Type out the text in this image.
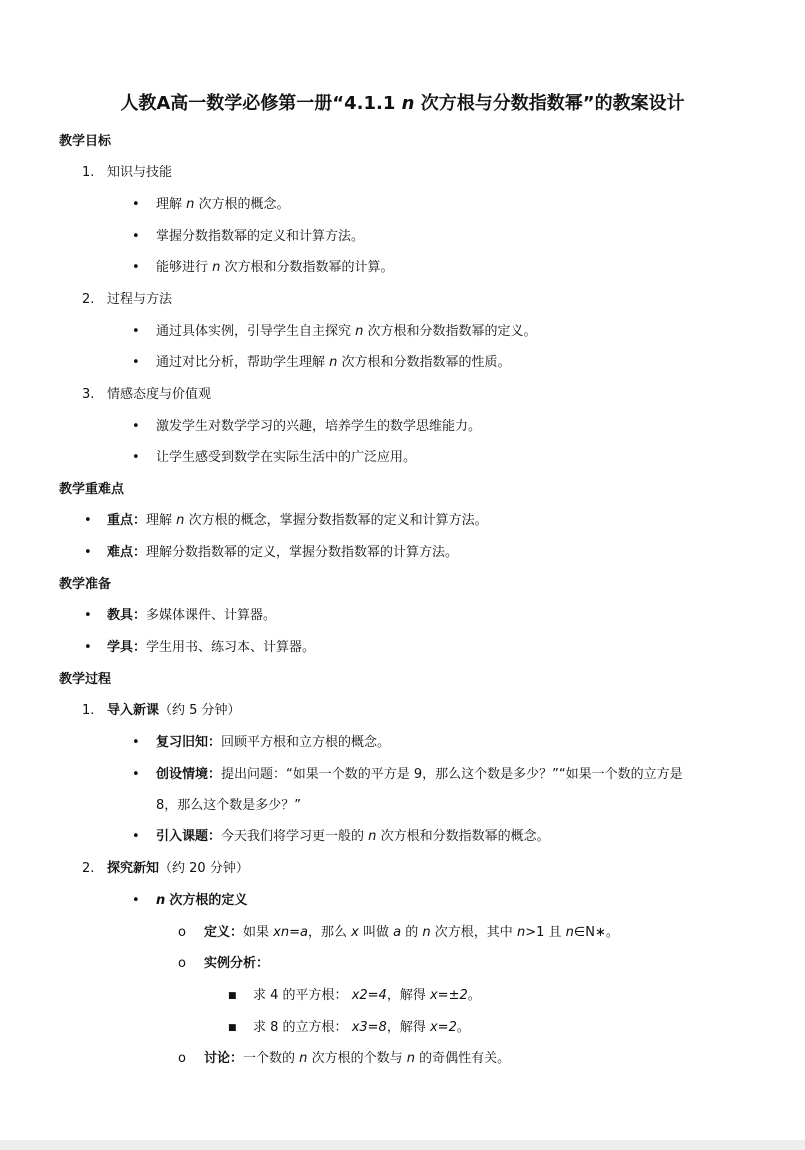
人教A高一数学必修第一册“4.1.1 n 次方根与分数指数幂”的教案设计
教学目标
1. 知识与技能
• 理解 n 次方根的概念。
• 掌握分数指数幂的定义和计算方法。
• 能够进行 n 次方根和分数指数幂的计算。
2. 过程与方法
• 通过具体实例，引导学生自主探究 n 次方根和分数指数幂的定义。
• 通过对比分析，帮助学生理解 n 次方根和分数指数幂的性质。
3. 情感态度与价值观
• 激发学生对数学学习的兴趣，培养学生的数学思维能力。
• 让学生感受到数学在实际生活中的广泛应用。
教学重难点
• 重点：理解 n 次方根的概念，掌握分数指数幂的定义和计算方法。
• 难点：理解分数指数幂的定义，掌握分数指数幂的计算方法。
教学准备
• 教具：多媒体课件、计算器。
• 学具：学生用书、练习本、计算器。
教学过程
1. 导入新课（约 5 分钟）
• 复习旧知：回顾平方根和立方根的概念。
• 创设情境：提出问题：“如果一个数的平方是 9，那么这个数是多少？”“如果一个数的立方是
8，那么这个数是多少？”
• 引入课题：今天我们将学习更一般的 n 次方根和分数指数幂的概念。
2. 探究新知（约 20 分钟）
• n 次方根的定义
o 定义：如果 xn=a，那么 x 叫做 a 的 n 次方根，其中 n>1 且 n∈N∗。
o 实例分析：
■ 求 4 的平方根： x2=4，解得 x=±2。
■ 求 8 的立方根： x3=8，解得 x=2。
o 讨论：一个数的 n 次方根的个数与 n 的奇偶性有关。
